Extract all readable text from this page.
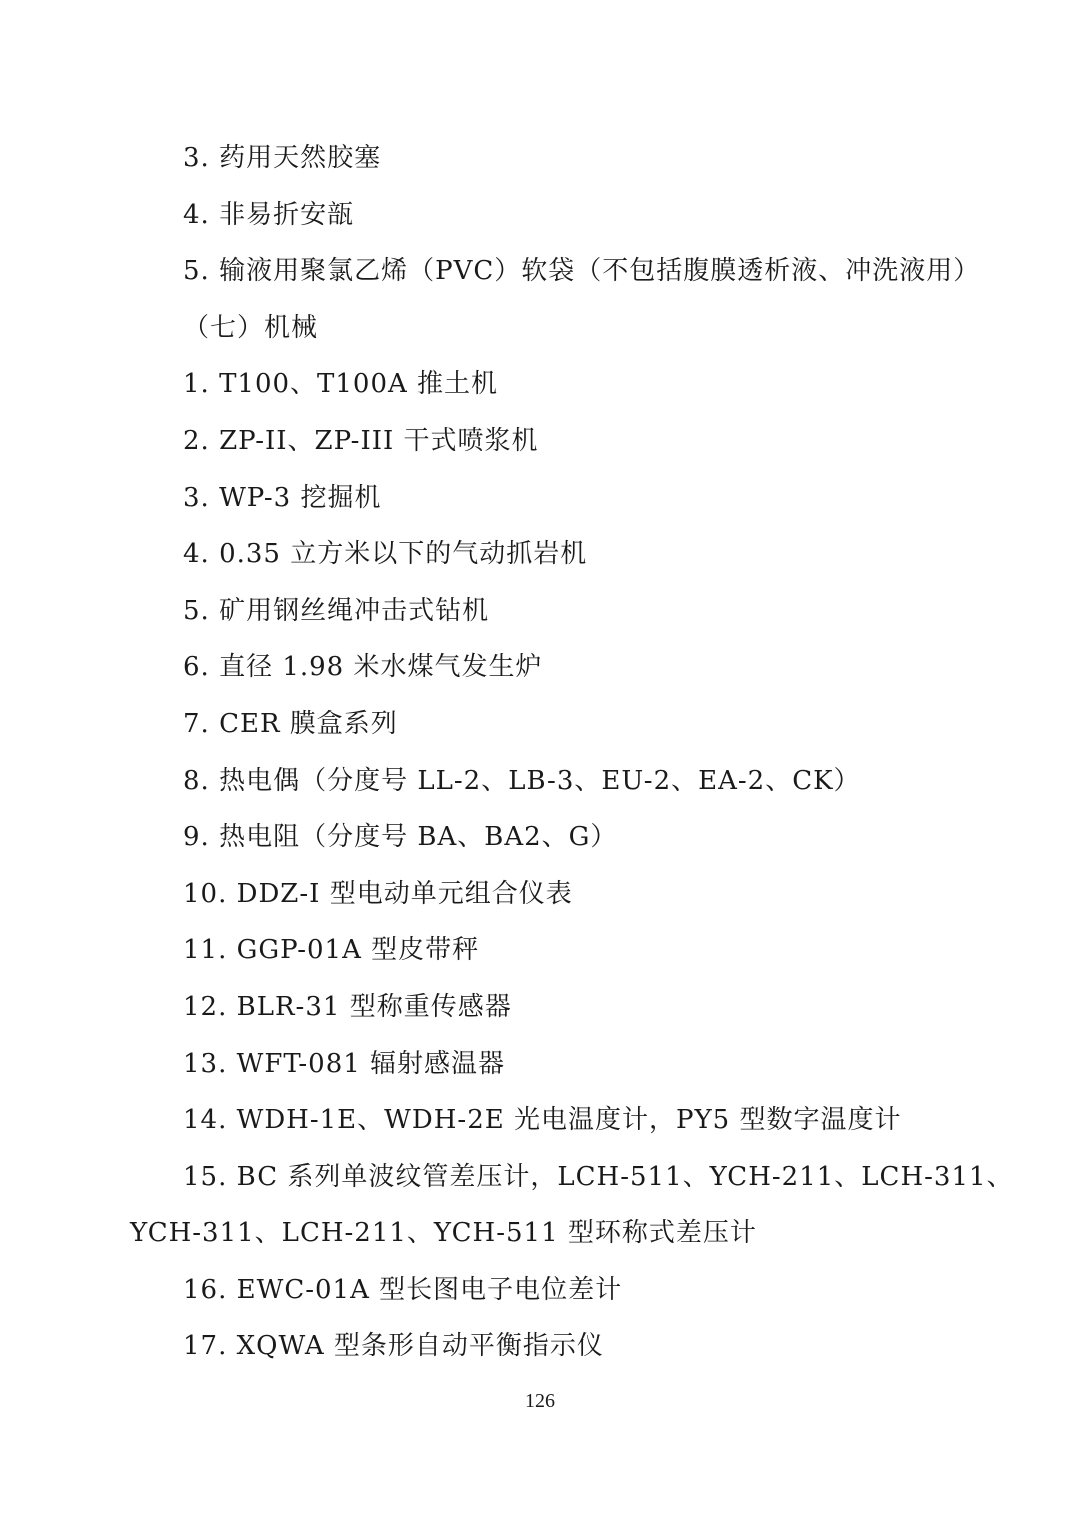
3. 药用天然胶塞
4. 非易折安瓿
5. 输液用聚氯乙烯（PVC）软袋（不包括腹膜透析液、冲洗液用）
（七）机械
1. T100、T100A 推土机
2. ZP-II、ZP-III 干式喷浆机
3. WP-3 挖掘机
4. 0.35 立方米以下的气动抓岩机
5. 矿用钢丝绳冲击式钻机
6. 直径 1.98 米水煤气发生炉
7. CER 膜盒系列
8. 热电偶（分度号 LL-2、LB-3、EU-2、EA-2、CK）
9. 热电阻（分度号 BA、BA2、G）
10. DDZ-I 型电动单元组合仪表
11. GGP-01A 型皮带秤
12. BLR-31 型称重传感器
13. WFT-081 辐射感温器
14. WDH-1E、WDH-2E 光电温度计，PY5 型数字温度计
15. BC 系列单波纹管差压计，LCH-511、YCH-211、LCH-311、
YCH-311、LCH-211、YCH-511 型环称式差压计
16. EWC-01A 型长图电子电位差计
17. XQWA 型条形自动平衡指示仪
126
